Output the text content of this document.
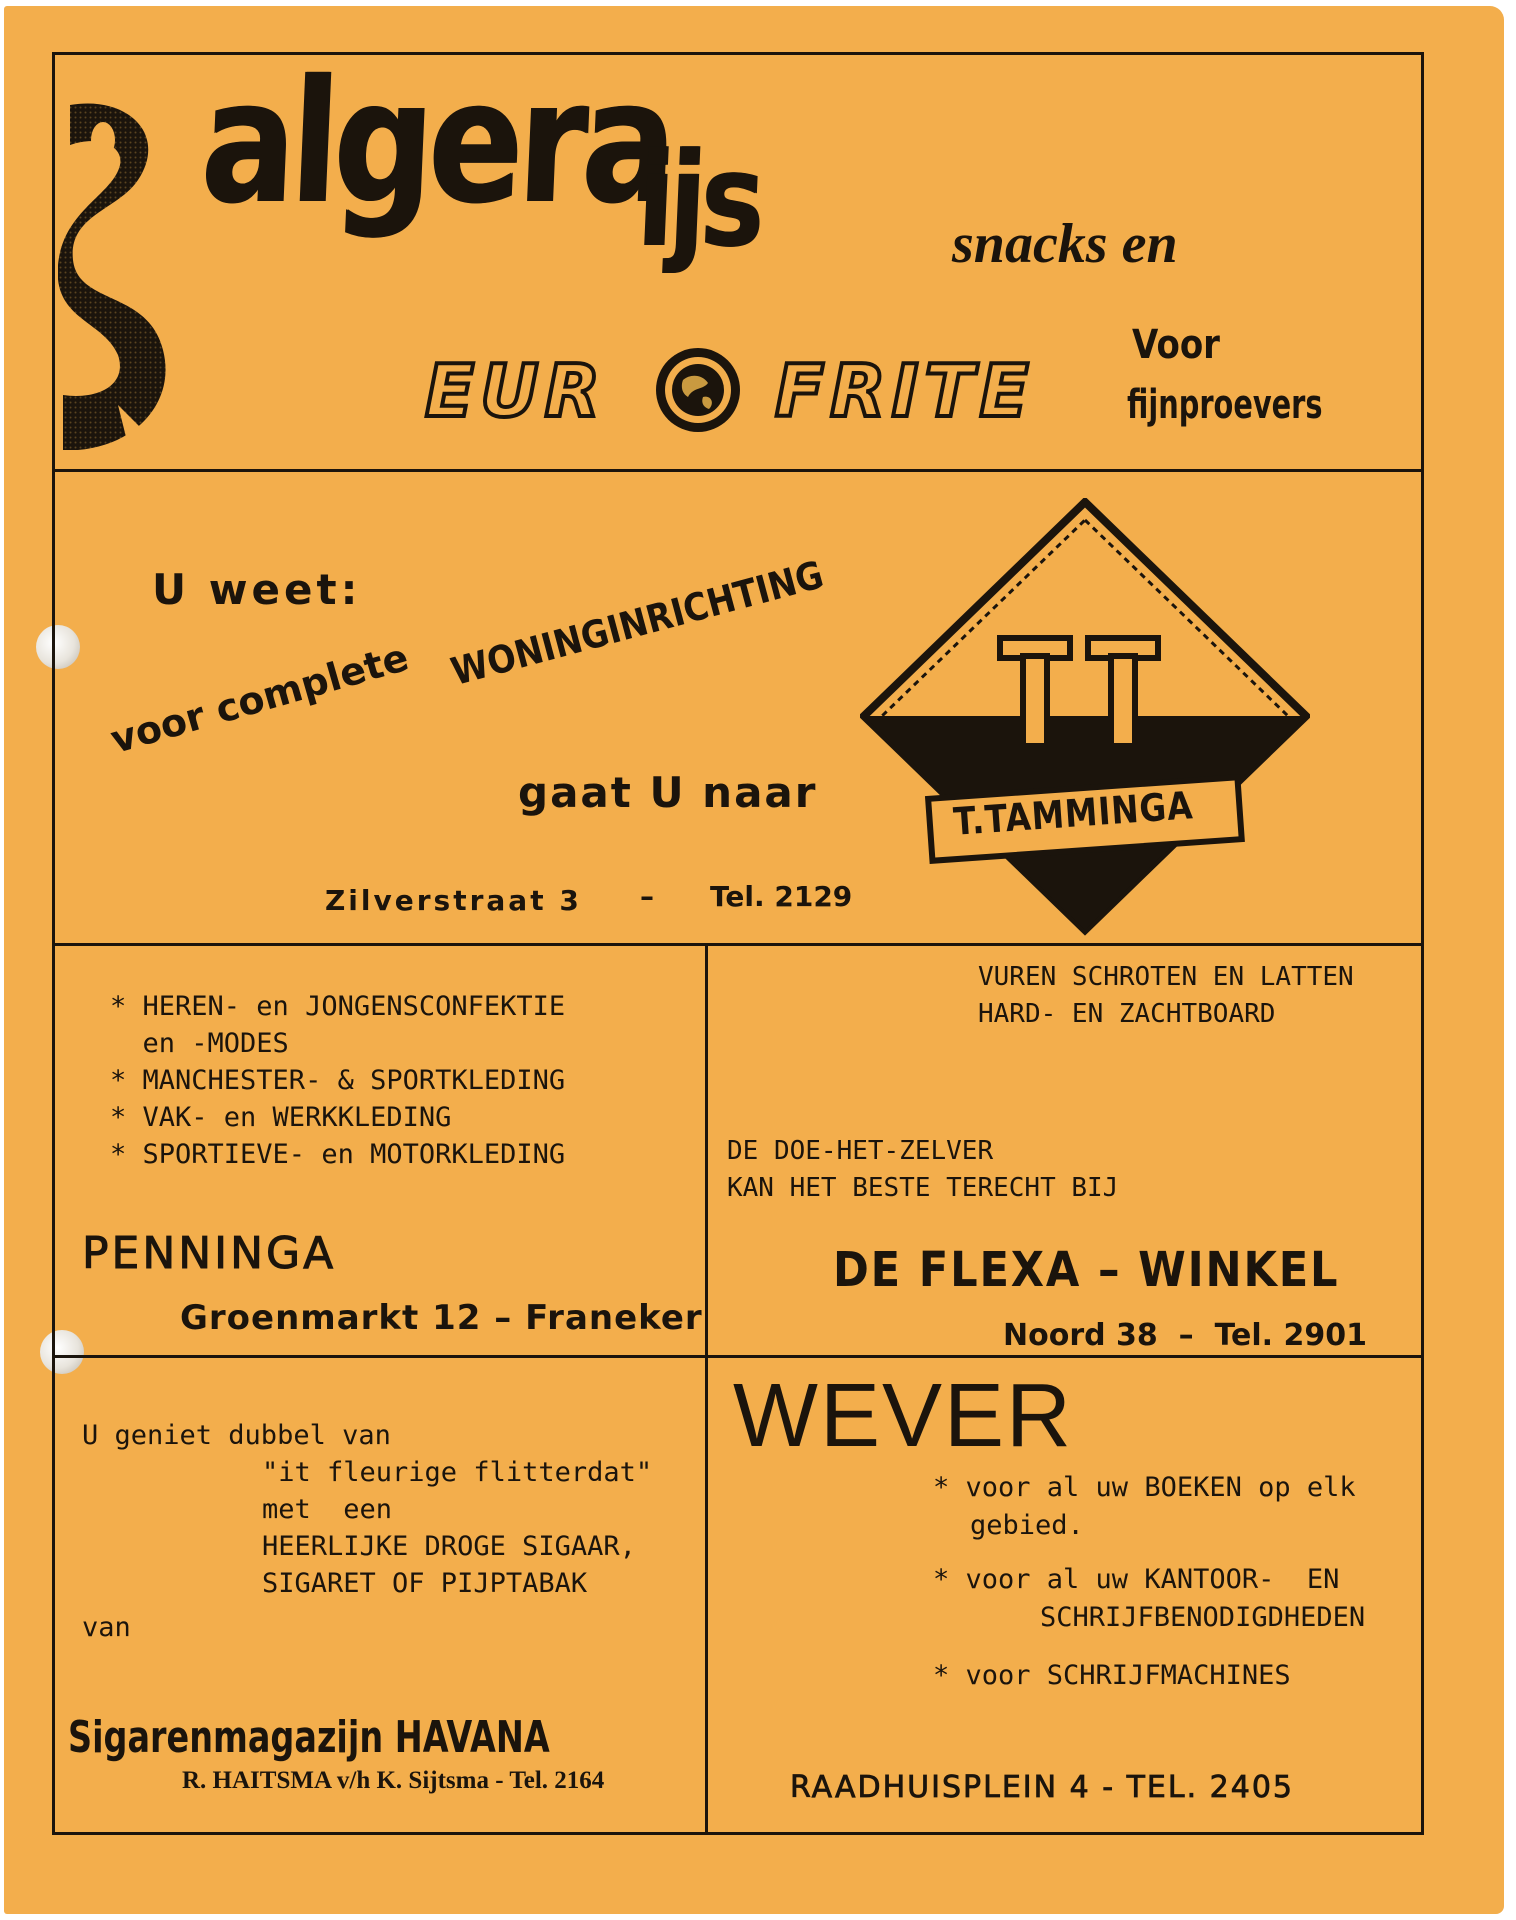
algera
ijs	snacks en
EUR FRITE
Voor
fijnproevers
U weet:
voor complete
WONINGINRICHTING
gaat U naar
Zilverstraat 3 – Tel. 2129
T.TAMMINGA
* HEREN- en JONGENSCONFEKTIE
en -MODES
* MANCHESTER- & SPORTKLEDING
* VAK- en WERKKLEDING
* SPORTIEVE- en MOTORKLEDING
PENNINGA
Groenmarkt 12 – Franeker
VUREN SCHROTEN EN LATTEN
HARD- EN ZACHTBOARD
DE DOE-HET-ZELVER
KAN HET BESTE TERECHT BIJ
DE FLEXA – WINKEL
Noord 38  –  Tel. 2901
U geniet dubbel van
"it fleurige flitterdat"
met  een
HEERLIJKE DROGE SIGAAR,
SIGARET OF PIJPTABAK
van
Sigarenmagazijn HAVANA
R. HAITSMA v/h K. Sijtsma - Tel. 2164
WEVER
* voor al uw BOEKEN op elk
gebied.
* voor al uw KANTOOR-  EN
SCHRIJFBENODIGDHEDEN
* voor SCHRIJFMACHINES
RAADHUISPLEIN 4 - TEL. 2405
